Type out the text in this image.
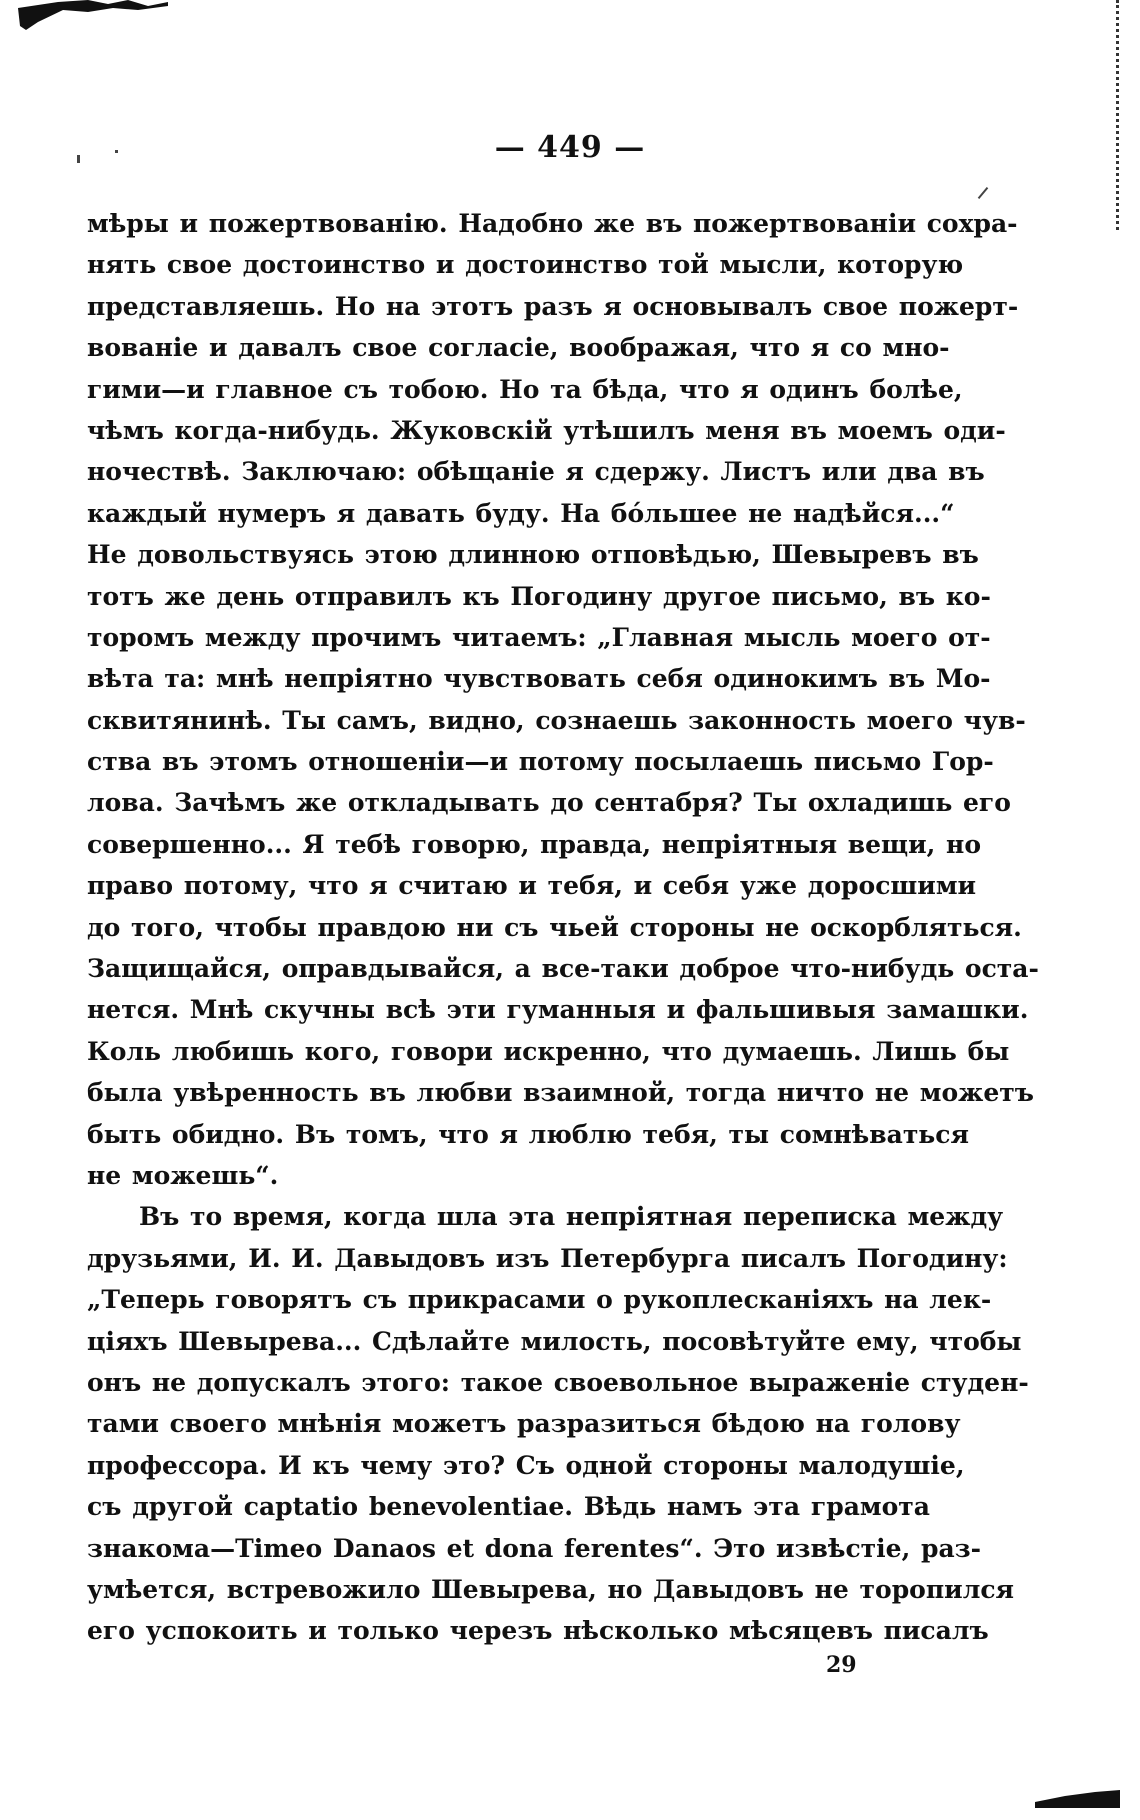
— 449 —
мѣры и пожертвованію. Надобно же въ пожертвованіи сохра-
нять свое достоинство и достоинство той мысли, которую
представляешь. Но на этотъ разъ я основывалъ свое пожерт-
вованіе и давалъ свое согласіе, воображая, что я со мно-
гими—и главное съ тобою. Но та бѣда, что я одинъ болѣе,
чѣмъ когда-нибудь. Жуковскій утѣшилъ меня въ моемъ оди-
ночествѣ. Заключаю: обѣщаніе я сдержу. Листъ или два въ
каждый нумеръ я давать буду. На бóльшее не надѣйся...“
Не довольствуясь этою длинною отповѣдью, Шевыревъ въ
тотъ же день отправилъ къ Погодину другое письмо, въ ко-
торомъ между прочимъ читаемъ: „Главная мысль моего от-
вѣта та: мнѣ непріятно чувствовать себя одинокимъ въ Мо-
сквитянинѣ. Ты самъ, видно, сознаешь законность моего чув-
ства въ этомъ отношеніи—и потому посылаешь письмо Гор-
лова. Зачѣмъ же откладывать до сентабря? Ты охладишь его
совершенно... Я тебѣ говорю, правда, непріятныя вещи, но
право потому, что я считаю и тебя, и себя уже доросшими
до того, чтобы правдою ни съ чьей стороны не оскорбляться.
Защищайся, оправдывайся, а все-таки доброе что-нибудь оста-
нется. Мнѣ скучны всѣ эти гуманныя и фальшивыя замашки.
Коль любишь кого, говори искренно, что думаешь. Лишь бы
была увѣренность въ любви взаимной, тогда ничто не можетъ
быть обидно. Въ томъ, что я люблю тебя, ты сомнѣваться
не можешь“.
Въ то время, когда шла эта непріятная переписка между
друзьями, И. И. Давыдовъ изъ Петербурга писалъ Погодину:
„Теперь говорятъ съ прикрасами о рукоплесканіяхъ на лек-
ціяхъ Шевырева... Сдѣлайте милость, посовѣтуйте ему, чтобы
онъ не допускалъ этого: такое своевольное выраженіе студен-
тами своего мнѣнія можетъ разразиться бѣдою на голову
профессора. И къ чему это? Съ одной стороны малодушіе,
съ другой captatio benevolentiae. Вѣдь намъ эта грамота
знакома—Timeo Danaos et dona ferentes“. Это извѣстіе, раз-
умѣется, встревожило Шевырева, но Давыдовъ не торопился
его успокоить и только черезъ нѣсколько мѣсяцевъ писалъ
29
